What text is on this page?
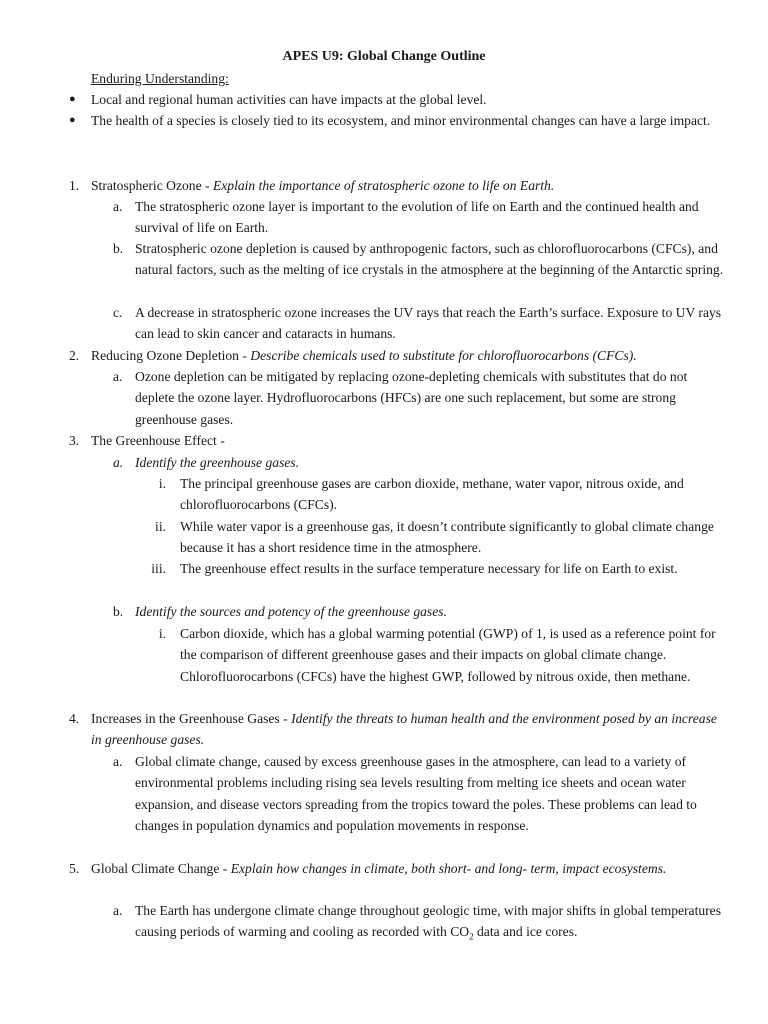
APES U9: Global Change Outline
Enduring Understanding:
●	Local and regional human activities can have impacts at the global level.
●	The health of a species is closely tied to its ecosystem, and minor environmental changes can have a large impact.
1. Stratospheric Ozone - Explain the importance of stratospheric ozone to life on Earth.
a. The stratospheric ozone layer is important to the evolution of life on Earth and the continued health and survival of life on Earth.
b. Stratospheric ozone depletion is caused by anthropogenic factors, such as chlorofluorocarbons (CFCs), and natural factors, such as the melting of ice crystals in the atmosphere at the beginning of the Antarctic spring.
c. A decrease in stratospheric ozone increases the UV rays that reach the Earth’s surface. Exposure to UV rays can lead to skin cancer and cataracts in humans.
2. Reducing Ozone Depletion - Describe chemicals used to substitute for chlorofluorocarbons (CFCs).
a. Ozone depletion can be mitigated by replacing ozone-depleting chemicals with substitutes that do not deplete the ozone layer. Hydrofluorocarbons (HFCs) are one such replacement, but some are strong greenhouse gases.
3. The Greenhouse Effect -
a. Identify the greenhouse gases.
i.	The principal greenhouse gases are carbon dioxide, methane, water vapor, nitrous oxide, and chlorofluorocarbons (CFCs).
ii.	While water vapor is a greenhouse gas, it doesn’t contribute significantly to global climate change because it has a short residence time in the atmosphere.
iii.	The greenhouse effect results in the surface temperature necessary for life on Earth to exist.
b. Identify the sources and potency of the greenhouse gases.
i.	Carbon dioxide, which has a global warming potential (GWP) of 1, is used as a reference point for the comparison of different greenhouse gases and their impacts on global climate change. Chlorofluorocarbons (CFCs) have the highest GWP, followed by nitrous oxide, then methane.
4. Increases in the Greenhouse Gases - Identify the threats to human health and the environment posed by an increase in greenhouse gases.
a. Global climate change, caused by excess greenhouse gases in the atmosphere, can lead to a variety of environmental problems including rising sea levels resulting from melting ice sheets and ocean water expansion, and disease vectors spreading from the tropics toward the poles. These problems can lead to changes in population dynamics and population movements in response.
5. Global Climate Change - Explain how changes in climate, both short- and long- term, impact ecosystems.
a. The Earth has undergone climate change throughout geologic time, with major shifts in global temperatures causing periods of warming and cooling as recorded with $CO_2$ data and ice cores.
